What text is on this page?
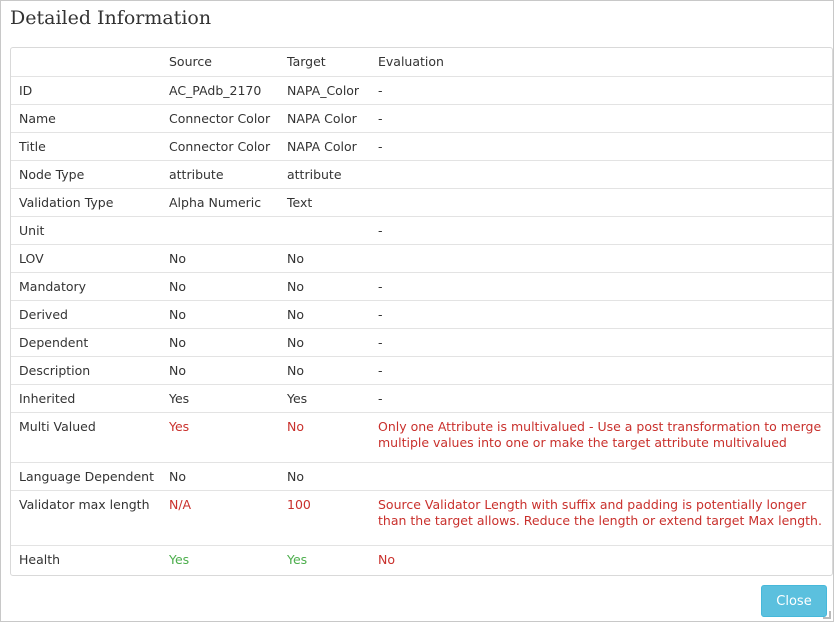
Detailed Information
	Source	Target	Evaluation
ID	AC_PAdb_2170	NAPA_Color	-
Name	Connector Color	NAPA Color	-
Title	Connector Color	NAPA Color	-
Node Type	attribute	attribute	
Validation Type	Alpha Numeric	Text	
Unit			-
LOV	No	No	
Mandatory	No	No	-
Derived	No	No	-
Dependent	No	No	-
Description	No	No	-
Inherited	Yes	Yes	-
Multi Valued	Yes	No	Only one Attribute is multivalued - Use a post transformation to merge multiple values into one or make the target attribute multivalued
Language Dependent	No	No	
Validator max length	N/A	100	Source Validator Length with suffix and padding is potentially longer than the target allows. Reduce the length or extend target Max length.
Health	Yes	Yes	No
Close
